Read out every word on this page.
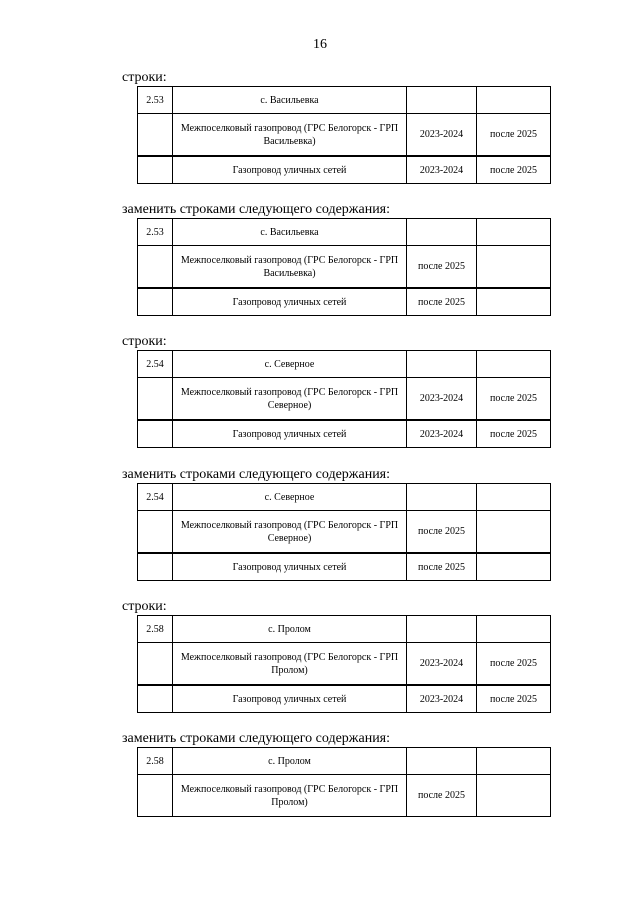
16
строки:
2.53	с. Васильевка		
	Межпоселковый газопровод (ГРС Белогорск - ГРП Васильевка)	2023-2024	после 2025
	Газопровод уличных сетей	2023-2024	после 2025
заменить строками следующего содержания:
2.53	с. Васильевка		
	Межпоселковый газопровод (ГРС Белогорск - ГРП Васильевка)	после 2025	
	Газопровод уличных сетей	после 2025	
строки:
2.54	с. Северное		
	Межпоселковый газопровод (ГРС Белогорск - ГРП Северное)	2023-2024	после 2025
	Газопровод уличных сетей	2023-2024	после 2025
заменить строками следующего содержания:
2.54	с. Северное		
	Межпоселковый газопровод (ГРС Белогорск - ГРП Северное)	после 2025	
	Газопровод уличных сетей	после 2025	
строки:
2.58	с. Пролом		
	Межпоселковый газопровод (ГРС Белогорск - ГРП Пролом)	2023-2024	после 2025
	Газопровод уличных сетей	2023-2024	после 2025
заменить строками следующего содержания:
2.58	с. Пролом		
	Межпоселковый газопровод (ГРС Белогорск - ГРП Пролом)	после 2025	
